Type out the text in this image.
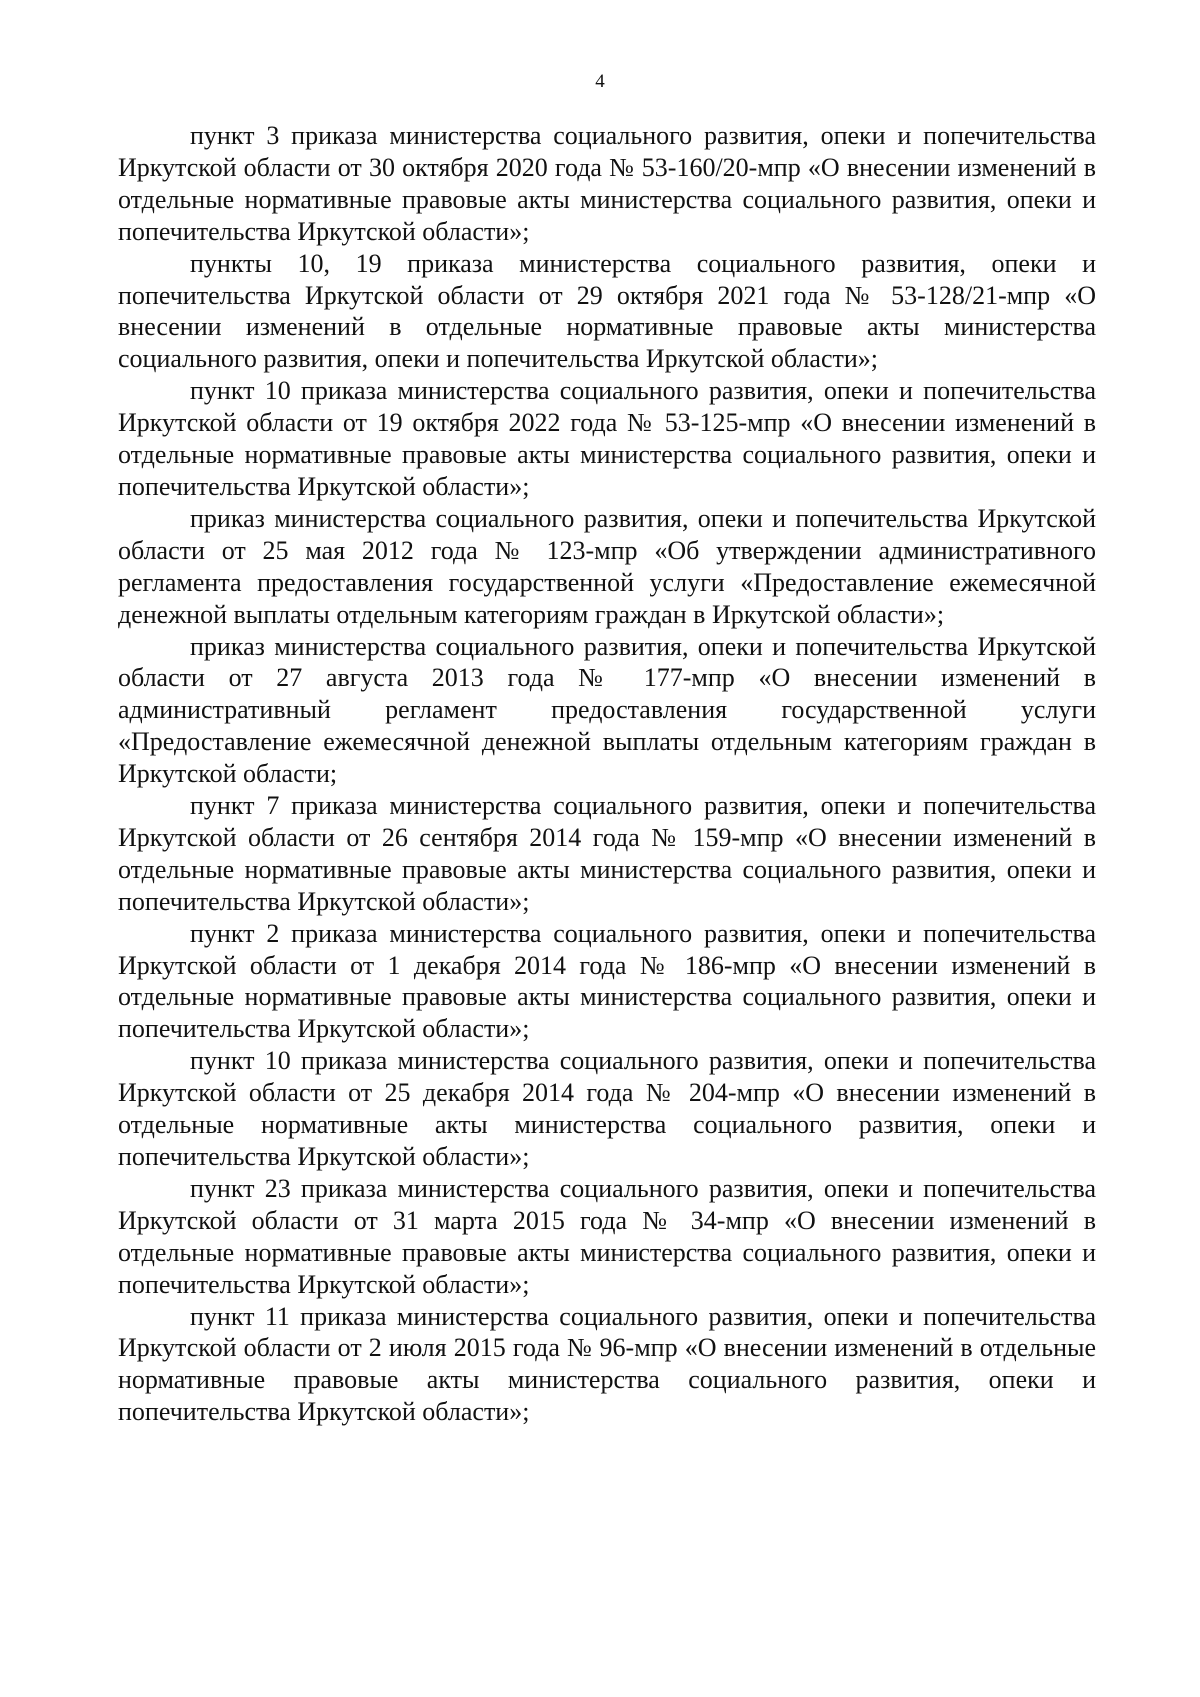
4

пункт 3 приказа министерства социального развития, опеки и попечительства Иркутской области от 30 октября 2020 года № 53-160/20-мпр «О внесении изменений в отдельные нормативные правовые акты министерства социального развития, опеки и попечительства Иркутской области»;

пункты 10, 19 приказа министерства социального развития, опеки и попечительства Иркутской области от 29 октября 2021 года № 53-128/21-мпр «О внесении изменений в отдельные нормативные правовые акты министерства социального развития, опеки и попечительства Иркутской области»;

пункт 10 приказа министерства социального развития, опеки и попечительства Иркутской области от 19 октября 2022 года № 53-125-мпр «О внесении изменений в отдельные нормативные правовые акты министерства социального развития, опеки и попечительства Иркутской области»;

приказ министерства социального развития, опеки и попечительства Иркутской области от 25 мая 2012 года № 123-мпр «Об утверждении административного регламента предоставления государственной услуги «Предоставление ежемесячной денежной выплаты отдельным категориям граждан в Иркутской области»;

приказ министерства социального развития, опеки и попечительства Иркутской области от 27 августа 2013 года № 177-мпр «О внесении изменений в административный регламент предоставления государственной услуги «Предоставление ежемесячной денежной выплаты отдельным категориям граждан в Иркутской области;

пункт 7 приказа министерства социального развития, опеки и попечительства Иркутской области от 26 сентября 2014 года № 159-мпр «О внесении изменений в отдельные нормативные правовые акты министерства социального развития, опеки и попечительства Иркутской области»;

пункт 2 приказа министерства социального развития, опеки и попечительства Иркутской области от 1 декабря 2014 года № 186-мпр «О внесении изменений в отдельные нормативные правовые акты министерства социального развития, опеки и попечительства Иркутской области»;

пункт 10 приказа министерства социального развития, опеки и попечительства Иркутской области от 25 декабря 2014 года № 204-мпр «О внесении изменений в отдельные нормативные акты министерства социального развития, опеки и попечительства Иркутской области»;

пункт 23 приказа министерства социального развития, опеки и попечительства Иркутской области от 31 марта 2015 года № 34-мпр «О внесении изменений в отдельные нормативные правовые акты министерства социального развития, опеки и попечительства Иркутской области»;

пункт 11 приказа министерства социального развития, опеки и попечительства Иркутской области от 2 июля 2015 года № 96-мпр «О внесении изменений в отдельные нормативные правовые акты министерства социального развития, опеки и попечительства Иркутской области»;
